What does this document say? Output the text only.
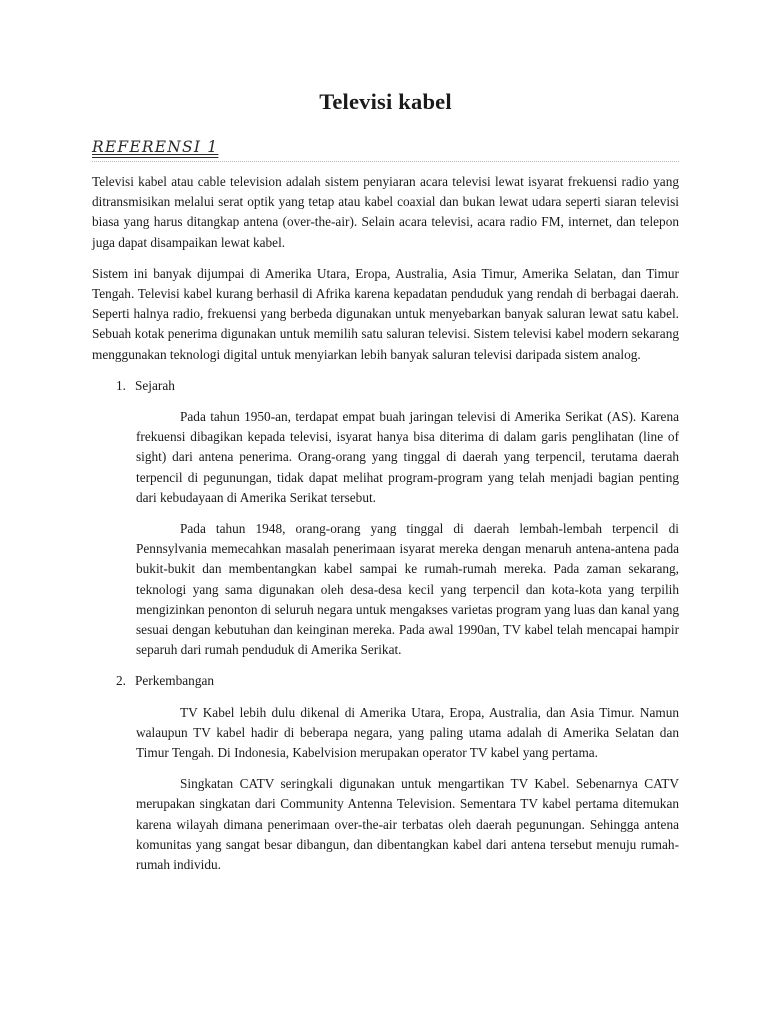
Televisi kabel
REFERENSI 1

Televisi kabel atau cable television adalah sistem penyiaran acara televisi lewat isyarat frekuensi radio yang ditransmisikan melalui serat optik yang tetap atau kabel coaxial dan bukan lewat udara seperti siaran televisi biasa yang harus ditangkap antena (over-the-air). Selain acara televisi, acara radio FM, internet, dan telepon juga dapat disampaikan lewat kabel.

Sistem ini banyak dijumpai di Amerika Utara, Eropa, Australia, Asia Timur, Amerika Selatan, dan Timur Tengah. Televisi kabel kurang berhasil di Afrika karena kepadatan penduduk yang rendah di berbagai daerah. Seperti halnya radio, frekuensi yang berbeda digunakan untuk menyebarkan banyak saluran lewat satu kabel. Sebuah kotak penerima digunakan untuk memilih satu saluran televisi. Sistem televisi kabel modern sekarang menggunakan teknologi digital untuk menyiarkan lebih banyak saluran televisi daripada sistem analog.

1. Sejarah

Pada tahun 1950-an, terdapat empat buah jaringan televisi di Amerika Serikat (AS). Karena frekuensi dibagikan kepada televisi, isyarat hanya bisa diterima di dalam garis penglihatan (line of sight) dari antena penerima. Orang-orang yang tinggal di daerah yang terpencil, terutama daerah terpencil di pegunungan, tidak dapat melihat program-program yang telah menjadi bagian penting dari kebudayaan di Amerika Serikat tersebut.

Pada tahun 1948, orang-orang yang tinggal di daerah lembah-lembah terpencil di Pennsylvania memecahkan masalah penerimaan isyarat mereka dengan menaruh antena-antena pada bukit-bukit dan membentangkan kabel sampai ke rumah-rumah mereka. Pada zaman sekarang, teknologi yang sama digunakan oleh desa-desa kecil yang terpencil dan kota-kota yang terpilih mengizinkan penonton di seluruh negara untuk mengakses varietas program yang luas dan kanal yang sesuai dengan kebutuhan dan keinginan mereka. Pada awal 1990an, TV kabel telah mencapai hampir separuh dari rumah penduduk di Amerika Serikat.

2. Perkembangan

TV Kabel lebih dulu dikenal di Amerika Utara, Eropa, Australia, dan Asia Timur. Namun walaupun TV kabel hadir di beberapa negara, yang paling utama adalah di Amerika Selatan dan Timur Tengah. Di Indonesia, Kabelvision merupakan operator TV kabel yang pertama.

Singkatan CATV seringkali digunakan untuk mengartikan TV Kabel. Sebenarnya CATV merupakan singkatan dari Community Antenna Television. Sementara TV kabel pertama ditemukan karena wilayah dimana penerimaan over-the-air terbatas oleh daerah pegunungan. Sehingga antena komunitas yang sangat besar dibangun, dan dibentangkan kabel dari antena tersebut menuju rumah-rumah individu.
